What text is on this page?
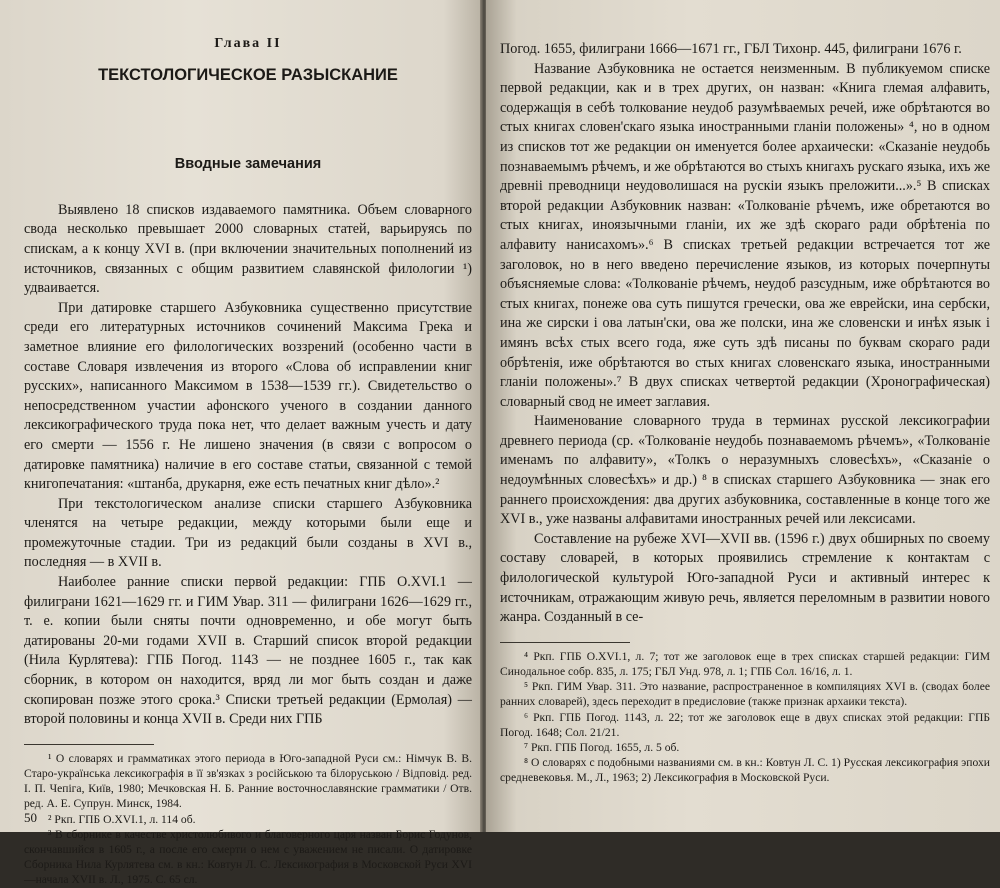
Глава II

ТЕКСТОЛОГИЧЕСКОЕ РАЗЫСКАНИЕ

Вводные замечания

Выявлено 18 списков издаваемого памятника. Объем словарного свода несколько превышает 2000 словарных статей, варьируясь по спискам, а к концу XVI в. (при включении значительных пополнений из источников, связанных с общим развитием славянской филологии ¹) удваивается.

При датировке старшего Азбуковника существенно присутствие среди его литературных источников сочинений Максима Грека и заметное влияние его филологических воззрений (особенно части в составе Словаря извлечения из второго «Слова об исправлении книг русских», написанного Максимом в 1538—1539 гг.). Свидетельство о непосредственном участии афонского ученого в создании данного лексикографического труда пока нет, что делает важным учесть и дату его смерти — 1556 г. Не лишено значения (в связи с вопросом о датировке памятника) наличие в его составе статьи, связанной с темой книгопечатания: «штанба, друкарня, еже есть печатных книг дѣло».²

При текстологическом анализе списки старшего Азбуковника членятся на четыре редакции, между которыми были еще и промежуточные стадии. Три из редакций были созданы в XVI в., последняя — в XVII в.

Наиболее ранние списки первой редакции: ГПБ О.XVI.1 — филиграни 1621—1629 гг. и ГИМ Увар. 311 — филиграни 1626—1629 гг., т. е. копии были сняты почти одновременно, и обе могут быть датированы 20-ми годами XVII в. Старший список второй редакции (Нила Курлятева): ГПБ Погод. 1143 — не позднее 1605 г., так как сборник, в котором он находится, вряд ли мог быть создан и даже скопирован позже этого срока.³ Списки третьей редакции (Ермолая) — второй половины и конца XVII в. Среди них ГПБ

¹ О словарях и грамматиках этого периода в Юго-западной Руси см.: Німчук В. В. Старо-українська лексикографія в її зв'язках з російською та білоруською / Відповід. ред. І. П. Чепіга, Київ, 1980; Мечковская Н. Б. Ранние восточнославянские грамматики / Отв. ред. А. Е. Супрун. Минск, 1984.

² Ркп. ГПБ О.XVI.1, л. 114 об.

³ В сборнике в качестве христолюбивого и благоверного царя назван Борис Годунов, скончавшийся в 1605 г., а после его смерти о нем с уважением не писали. О датировке Сборника Нила Курлятева см. в кн.: Ковтун Л. С. Лексикография в Московской Руси XVI—начала XVII в. Л., 1975. С. 65 сл.

50

Погод. 1655, филиграни 1666—1671 гг., ГБЛ Тихонр. 445, филиграни 1676 г.

Название Азбуковника не остается неизменным. В публикуемом списке первой редакции, как и в трех других, он назван: «Книга глемая алфавить, содержащія в себѣ толкование неудоб разумѣваемых речей, иже обрѣтаются во стых книгах словен'скаго языка иностранными гланіи положены» ⁴, но в одном из списков тот же редакции он именуется более архаически: «Сказаніе неудобь познаваемымъ рѣчемъ, и же обрѣтаются во стыхъ книгахъ рускаго языка, ихъ же древнii преводници неудоволишася на рускiи языкъ преложити...».⁵ В списках второй редакции Азбуковник назван: «Толкованіе рѣчемъ, иже обретаются во стых книгах, иноязычными гланiи, их же здѣ скораго ради обрѣтенiа по алфавиту нанисахомъ».⁶ В списках третьей редакции встречается тот же заголовок, но в него введено перечисление языков, из которых почерпнуты объясняемые слова: «Толкованіе рѣчемъ, неудоб разсудным, иже обрѣтаются во стых книгах, понеже ова суть пишутся гречески, ова же еврейски, ина сербски, ина же сирски і ова латын'ски, ова же полски, ина же словенски и инѣх язык і имянъ всѣх стых всего года, яже суть здѣ писаны по буквам скораго ради обрѣтенiя, иже обрѣтаются во стых книгах словенскаго языка, иностранными гланіи положены».⁷ В двух списках четвертой редакции (Хронографическая) словарный свод не имеет заглавия.

Наименование словарного труда в терминах русской лексикографии древнего периода (ср. «Толкованіе неудобь познаваемомъ рѣчемъ», «Толкованіе именамъ по алфавиту», «Толкъ о неразумныхъ словесѣхъ», «Сказаніе о недоумѣнных словесѣхъ» и др.) ⁸ в списках старшего Азбуковника — знак его раннего происхождения: два других азбуковника, составленные в конце того же XVI в., уже названы алфавитами иностранных речей или лексисами.

Составление на рубеже XVI—XVII вв. (1596 г.) двух обширных по своему составу словарей, в которых проявились стремление к контактам с филологической культурой Юго-западной Руси и активный интерес к источникам, отражающим живую речь, является переломным в развитии нового жанра. Созданный в се-

⁴ Ркп. ГПБ О.XVI.1, л. 7; тот же заголовок еще в трех списках старшей редакции: ГИМ Синодальное собр. 835, л. 175; ГБЛ Унд. 978, л. 1; ГПБ Сол. 16/16, л. 1.

⁵ Ркп. ГИМ Увар. 311. Это название, распространенное в компиляциях XVI в. (сводах более ранних словарей), здесь переходит в предисловие (также признак архаики текста).

⁶ Ркп. ГПБ Погод. 1143, л. 22; тот же заголовок еще в двух списках этой редакции: ГПБ Погод. 1648; Сол. 21/21.

⁷ Ркп. ГПБ Погод. 1655, л. 5 об.

⁸ О словарях с подобными названиями см. в кн.: Ковтун Л. С. 1) Русская лексикография эпохи средневековья. М., Л., 1963; 2) Лексикография в Московской Руси.
